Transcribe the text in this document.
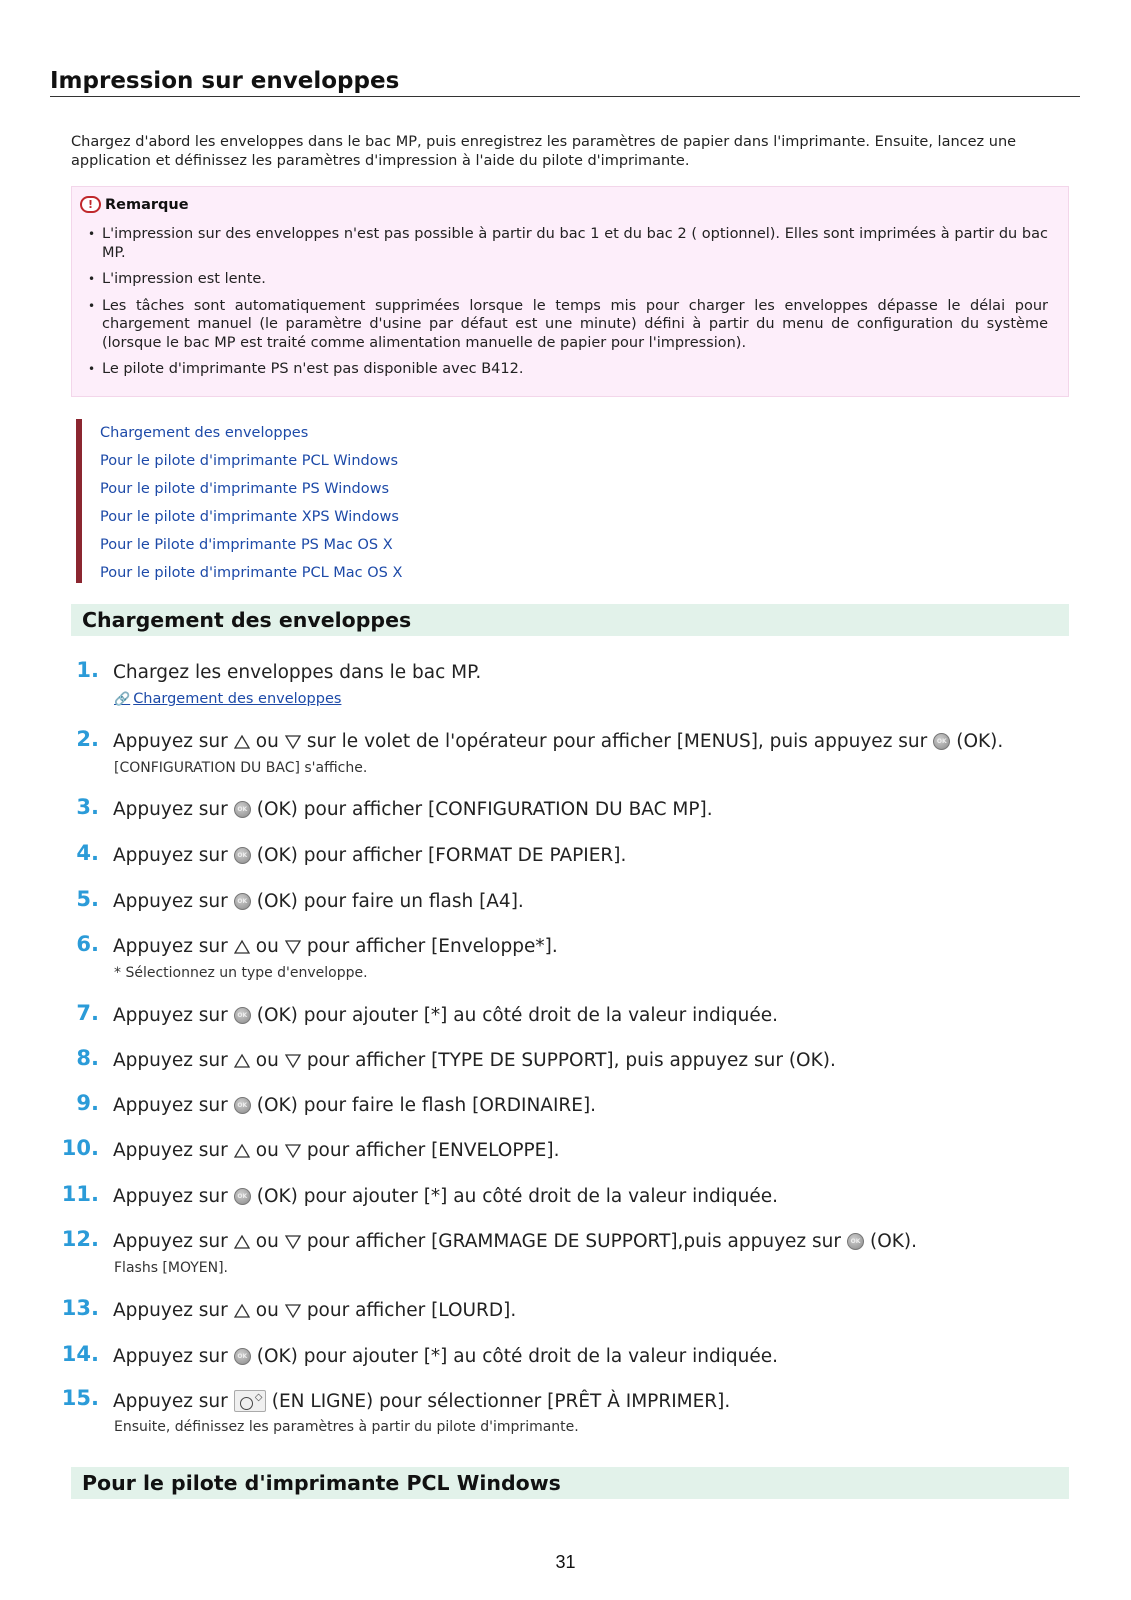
Impression sur enveloppes

Chargez d'abord les enveloppes dans le bac MP, puis enregistrez les paramètres de papier dans l'imprimante. Ensuite, lancez une application et définissez les paramètres d'impression à l'aide du pilote d'imprimante.

! Remarque
• L'impression sur des enveloppes n'est pas possible à partir du bac 1 et du bac 2 ( optionnel). Elles sont imprimées à partir du bac MP.
• L'impression est lente.
• Les tâches sont automatiquement supprimées lorsque le temps mis pour charger les enveloppes dépasse le délai pour chargement manuel (le paramètre d'usine par défaut est une minute) défini à partir du menu de configuration du système (lorsque le bac MP est traité comme alimentation manuelle de papier pour l'impression).
• Le pilote d'imprimante PS n'est pas disponible avec B412.
Chargement des enveloppes
Pour le pilote d'imprimante PCL Windows
Pour le pilote d'imprimante PS Windows
Pour le pilote d'imprimante XPS Windows
Pour le Pilote d'imprimante PS Mac OS X
Pour le pilote d'imprimante PCL Mac OS X
Chargement des enveloppes
1. Chargez les enveloppes dans le bac MP.
🔗 Chargement des enveloppes
2. Appuyez sur ou sur le volet de l'opérateur pour afficher [MENUS], puis appuyez sur	OK (OK).
[CONFIGURATION DU BAC] s'affiche.
3. Appuyez sur	OK (OK) pour afficher [CONFIGURATION DU BAC MP].
4. Appuyez sur	OK (OK) pour afficher [FORMAT DE PAPIER].
5. Appuyez sur	OK (OK) pour faire un flash [A4].
6. Appuyez sur ou pour afficher [Enveloppe*].
* Sélectionnez un type d'enveloppe.
7. Appuyez sur	OK (OK) pour ajouter [*] au côté droit de la valeur indiquée.
8. Appuyez sur ou pour afficher [TYPE DE SUPPORT], puis appuyez sur (OK).
9. Appuyez sur	OK (OK) pour faire le flash [ORDINAIRE].
10. Appuyez sur ou pour afficher [ENVELOPPE].
11. Appuyez sur	OK (OK) pour ajouter [*] au côté droit de la valeur indiquée.
12. Appuyez sur ou pour afficher [GRAMMAGE DE SUPPORT],puis appuyez sur	OK (OK).
Flashs [MOYEN].
13. Appuyez sur ou pour afficher [LOURD].
14. Appuyez sur	OK (OK) pour ajouter [*] au côté droit de la valeur indiquée.
15. Appuyez sur	◇ (EN LIGNE) pour sélectionner [PRÊT À IMPRIMER].
Ensuite, définissez les paramètres à partir du pilote d'imprimante.
Pour le pilote d'imprimante PCL Windows
31
